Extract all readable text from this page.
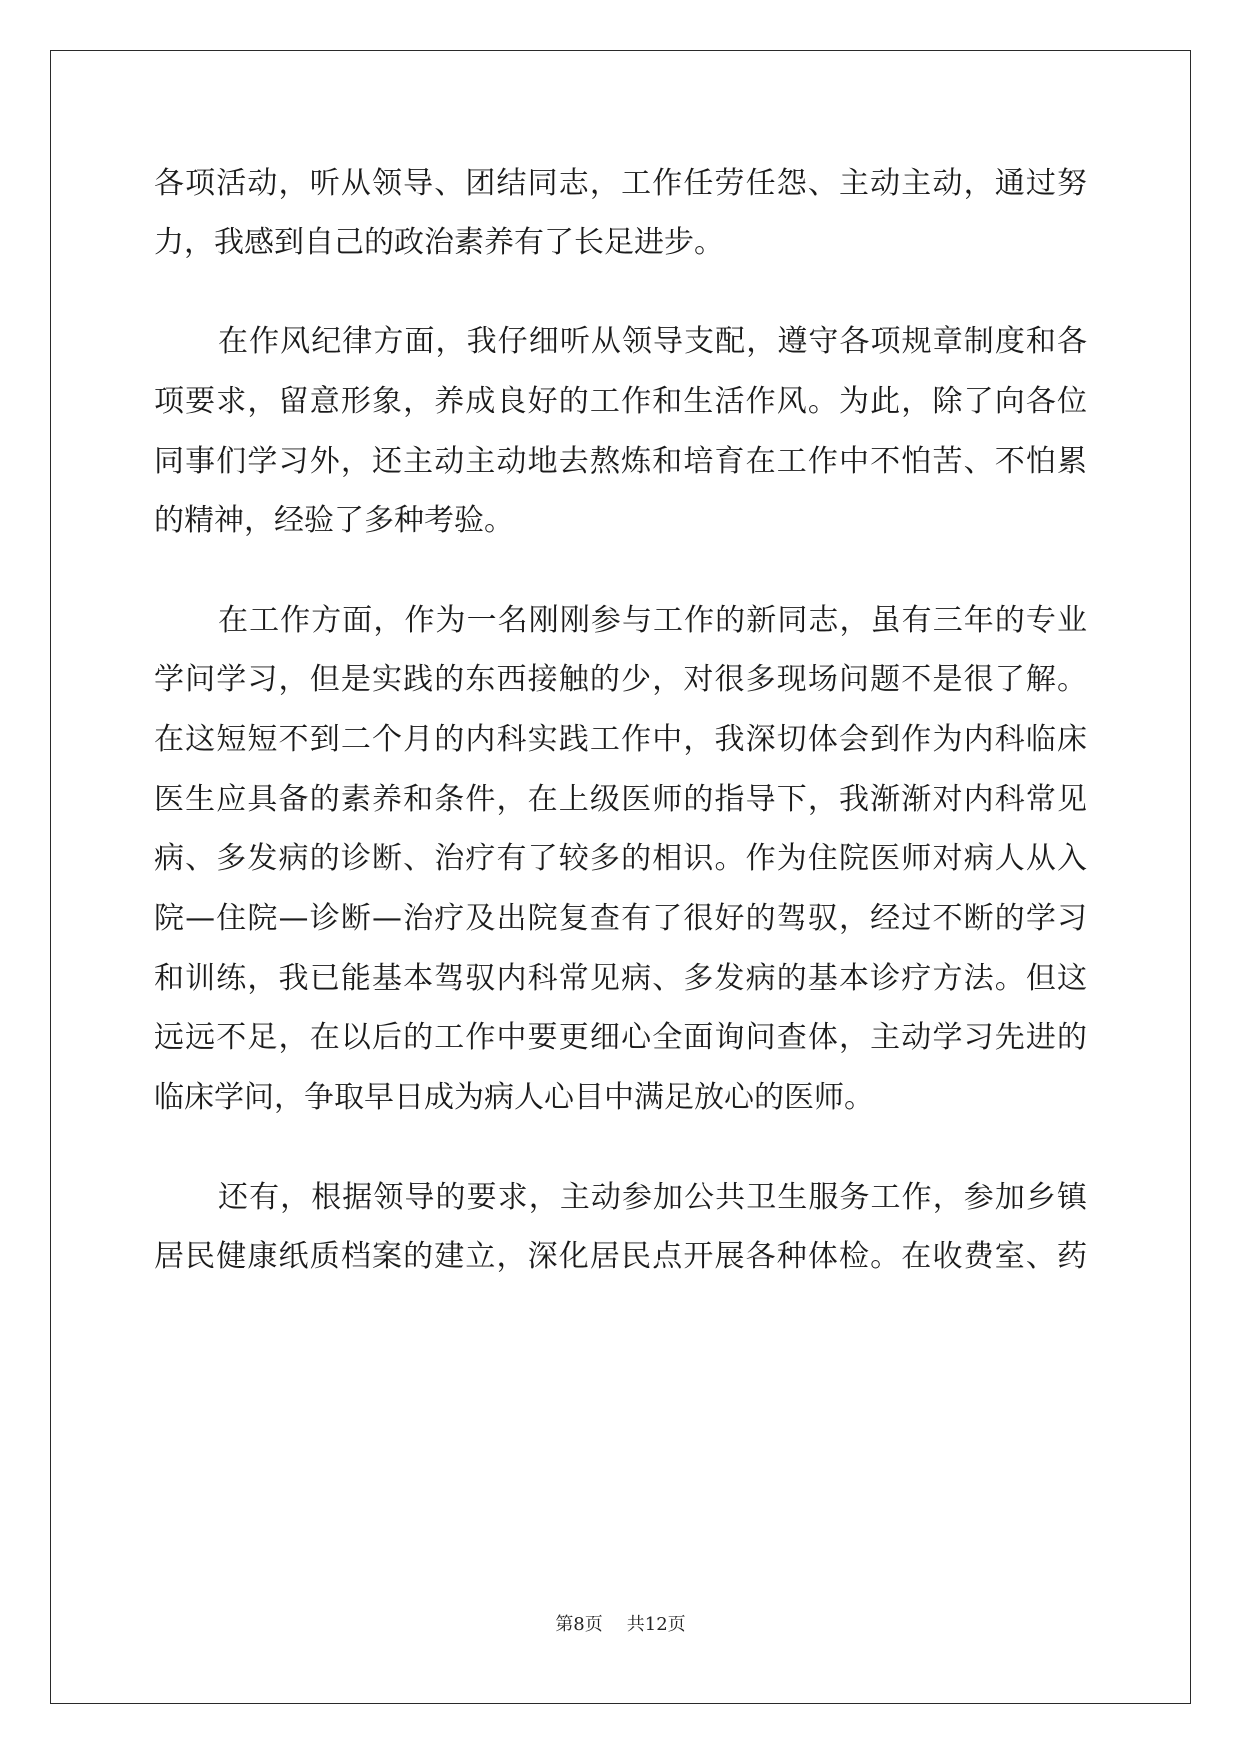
各项活动，听从领导、团结同志，工作任劳任怨、主动主动，通过努
力，我感到自己的政治素养有了长足进步。
在作风纪律方面，我仔细听从领导支配，遵守各项规章制度和各
项要求，留意形象，养成良好的工作和生活作风。为此，除了向各位
同事们学习外，还主动主动地去熬炼和培育在工作中不怕苦、不怕累
的精神，经验了多种考验。
在工作方面，作为一名刚刚参与工作的新同志，虽有三年的专业
学问学习，但是实践的东西接触的少，对很多现场问题不是很了解。
在这短短不到二个月的内科实践工作中，我深切体会到作为内科临床
医生应具备的素养和条件，在上级医师的指导下，我渐渐对内科常见
病、多发病的诊断、治疗有了较多的相识。作为住院医师对病人从入
院—住院—诊断—治疗及出院复查有了很好的驾驭，经过不断的学习
和训练，我已能基本驾驭内科常见病、多发病的基本诊疗方法。但这
远远不足，在以后的工作中要更细心全面询问查体，主动学习先进的
临床学问，争取早日成为病人心目中满足放心的医师。
还有，根据领导的要求，主动参加公共卫生服务工作，参加乡镇
居民健康纸质档案的建立，深化居民点开展各种体检。在收费室、药
第8页 共12页
